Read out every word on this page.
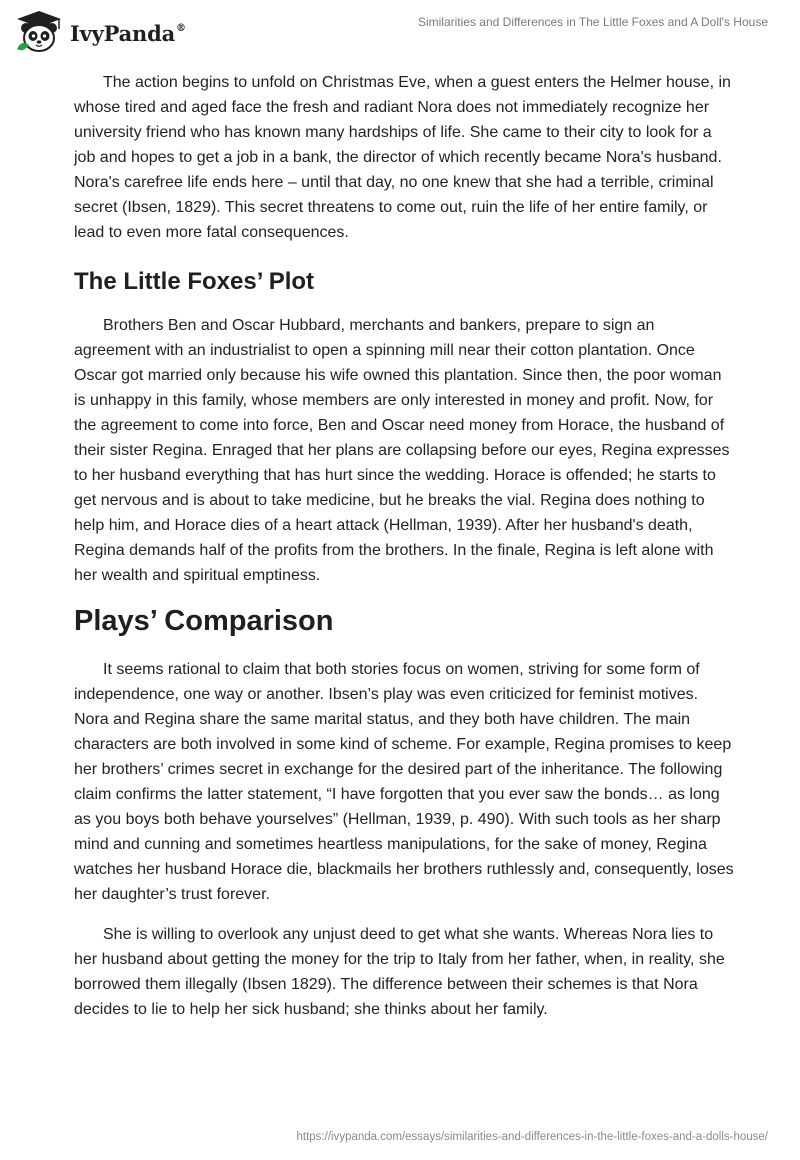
IvyPanda®	Similarities and Differences in The Little Foxes and A Doll's House

The action begins to unfold on Christmas Eve, when a guest enters the Helmer house, in whose tired and aged face the fresh and radiant Nora does not immediately recognize her university friend who has known many hardships of life. She came to their city to look for a job and hopes to get a job in a bank, the director of which recently became Nora's husband. Nora's carefree life ends here – until that day, no one knew that she had a terrible, criminal secret (Ibsen, 1829). This secret threatens to come out, ruin the life of her entire family, or lead to even more fatal consequences.

The Little Foxes’ Plot

Brothers Ben and Oscar Hubbard, merchants and bankers, prepare to sign an agreement with an industrialist to open a spinning mill near their cotton plantation. Once Oscar got married only because his wife owned this plantation. Since then, the poor woman is unhappy in this family, whose members are only interested in money and profit. Now, for the agreement to come into force, Ben and Oscar need money from Horace, the husband of their sister Regina. Enraged that her plans are collapsing before our eyes, Regina expresses to her husband everything that has hurt since the wedding. Horace is offended; he starts to get nervous and is about to take medicine, but he breaks the vial. Regina does nothing to help him, and Horace dies of a heart attack (Hellman, 1939). After her husband's death, Regina demands half of the profits from the brothers. In the finale, Regina is left alone with her wealth and spiritual emptiness.

Plays’ Comparison

It seems rational to claim that both stories focus on women, striving for some form of independence, one way or another. Ibsen’s play was even criticized for feminist motives. Nora and Regina share the same marital status, and they both have children. The main characters are both involved in some kind of scheme. For example, Regina promises to keep her brothers’ crimes secret in exchange for the desired part of the inheritance. The following claim confirms the latter statement, “I have forgotten that you ever saw the bonds… as long as you boys both behave yourselves” (Hellman, 1939, p. 490). With such tools as her sharp mind and cunning and sometimes heartless manipulations, for the sake of money, Regina watches her husband Horace die, blackmails her brothers ruthlessly and, consequently, loses her daughter’s trust forever.

She is willing to overlook any unjust deed to get what she wants. Whereas Nora lies to her husband about getting the money for the trip to Italy from her father, when, in reality, she borrowed them illegally (Ibsen 1829). The difference between their schemes is that Nora decides to lie to help her sick husband; she thinks about her family.

https://ivypanda.com/essays/similarities-and-differences-in-the-little-foxes-and-a-dolls-house/
